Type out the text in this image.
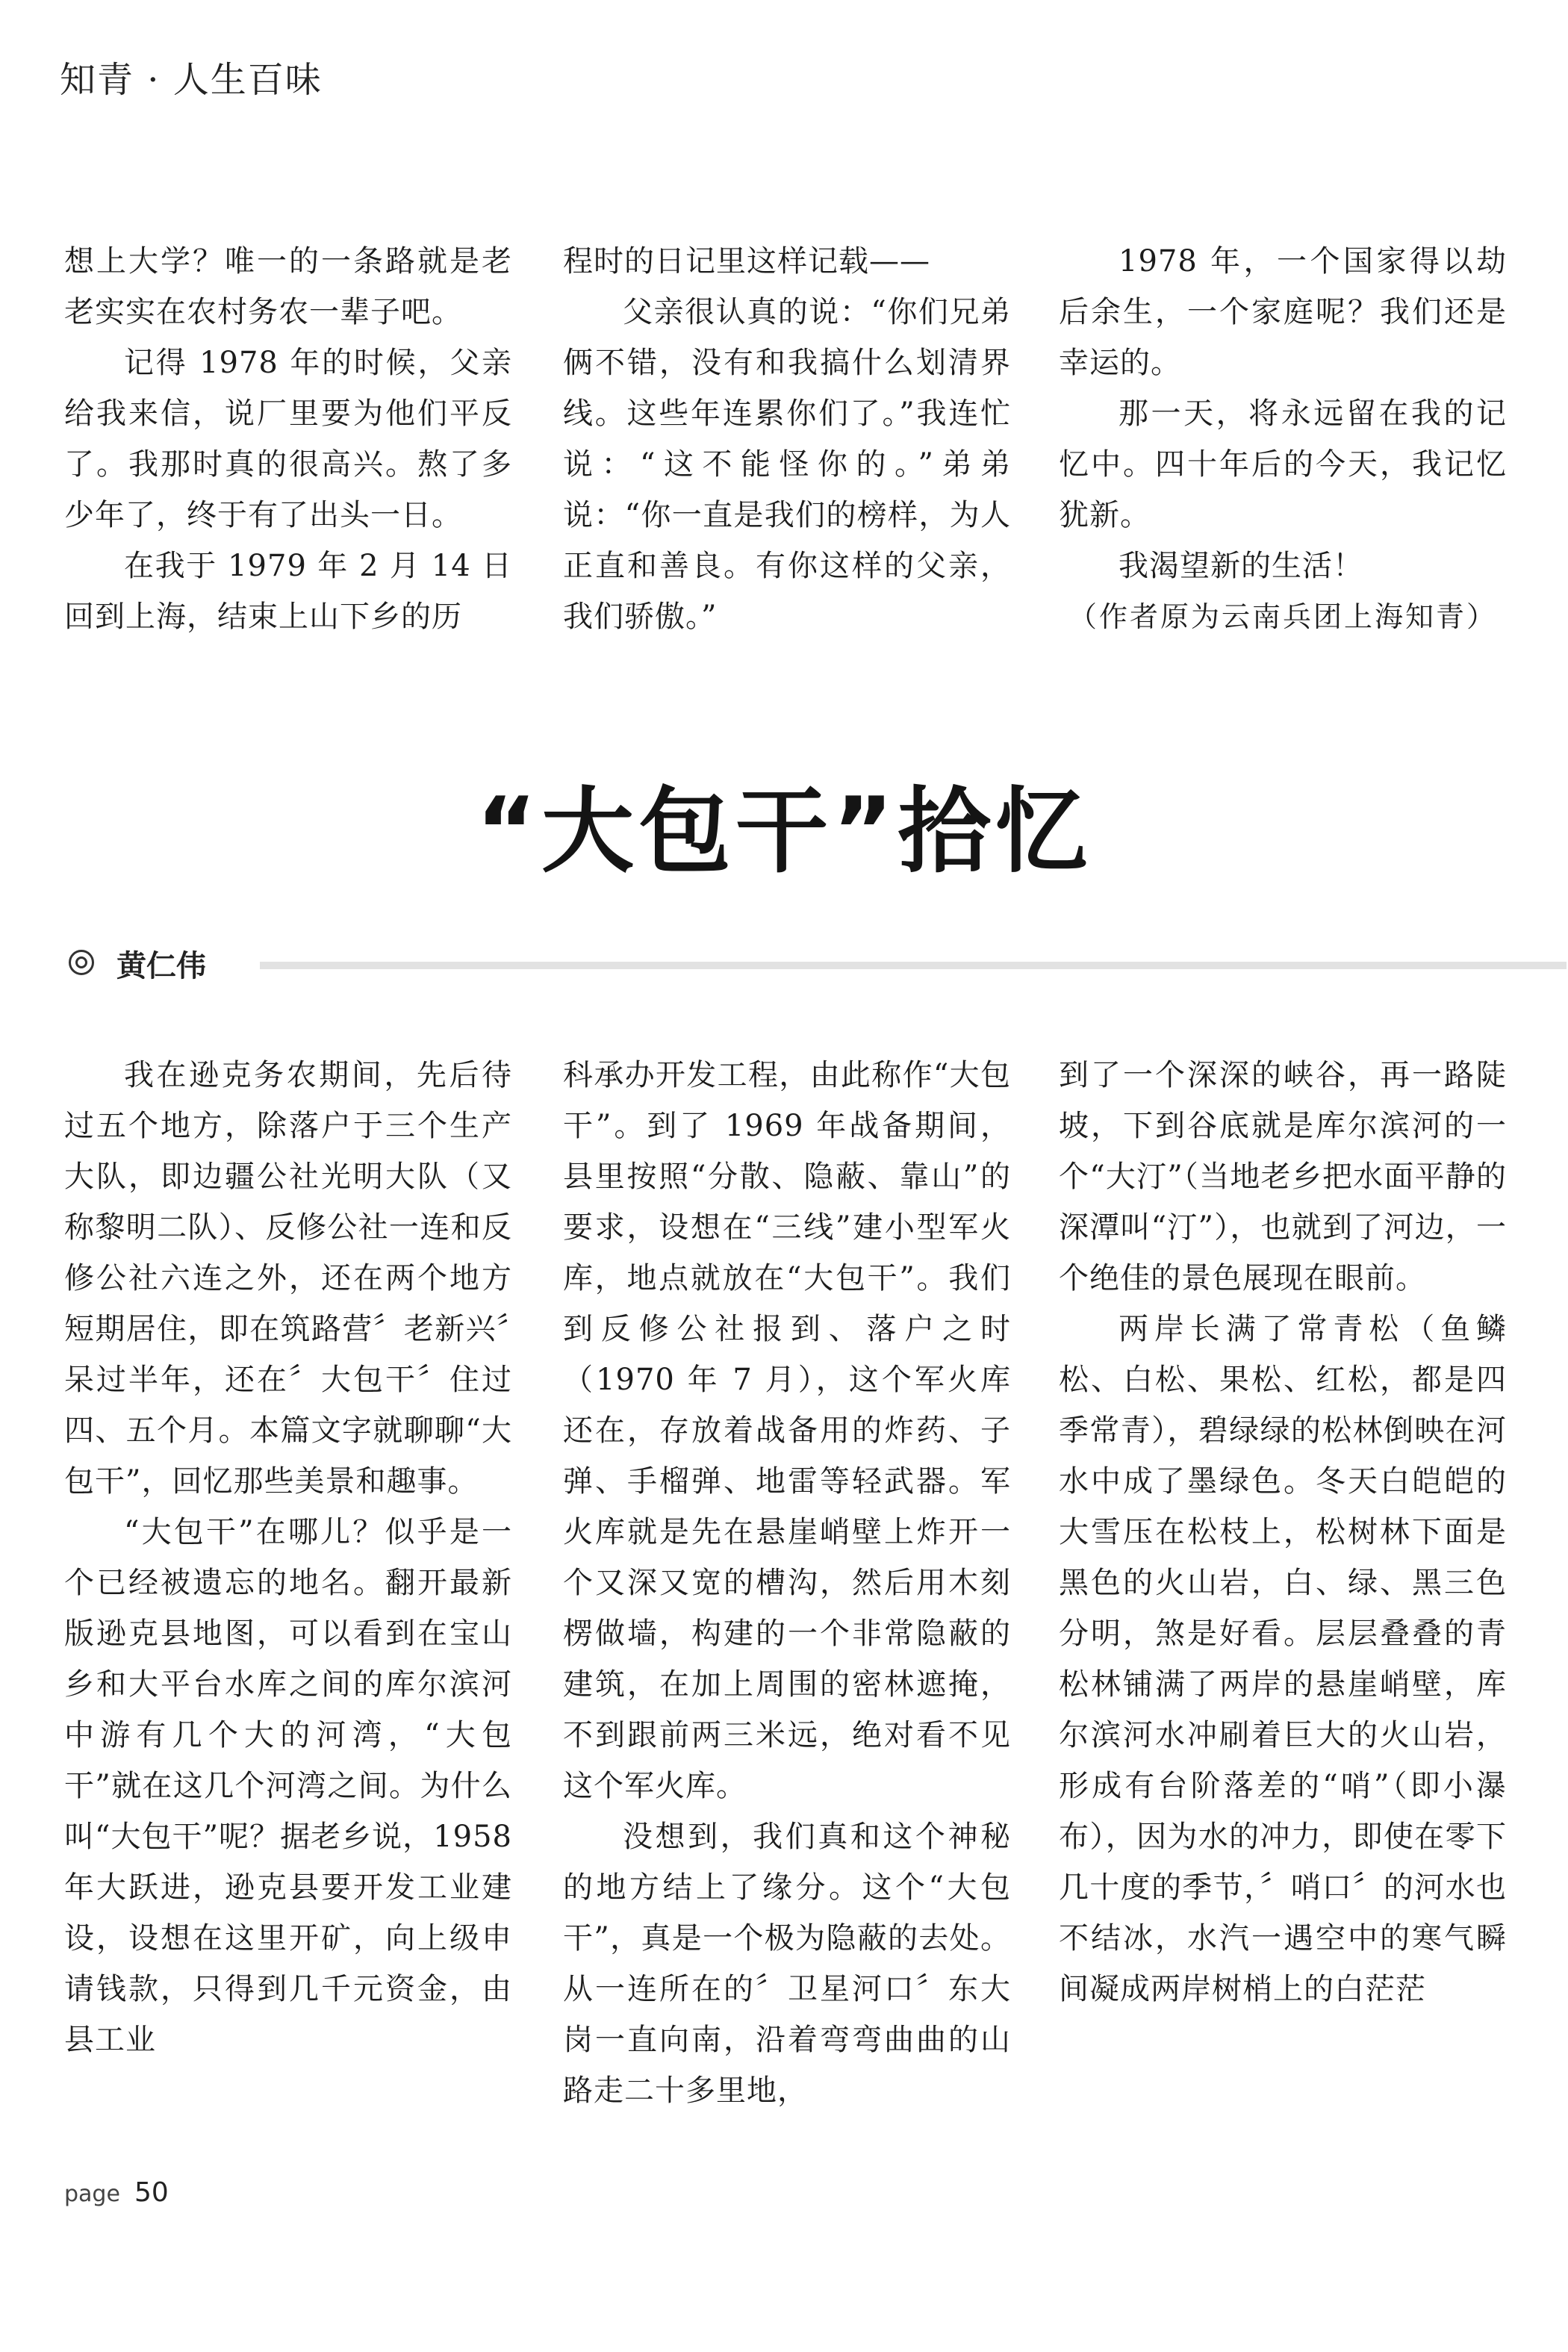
知青 · 人生百味

想上大学？唯一的一条路就是老老实实在农村务农一辈子吧。

记得 1978 年的时候，父亲给我来信，说厂里要为他们平反了。我那时真的很高兴。熬了多少年了，终于有了出头一日。

在我于 1979 年 2 月 14 日回到上海，结束上山下乡的历

程时的日记里这样记载——

父亲很认真的说：“你们兄弟俩不错，没有和我搞什么划清界线。这些年连累你们了。”我连忙说：“这不能怪你的。”弟弟说：“你一直是我们的榜样，为人正直和善良。有你这样的父亲，我们骄傲。”

1978 年，一个国家得以劫后余生，一个家庭呢？我们还是幸运的。

那一天，将永远留在我的记忆中。四十年后的今天，我记忆犹新。

我渴望新的生活！

（作者原为云南兵团上海知青）

“大包干”拾忆
黄仁伟

我在逊克务农期间，先后待过五个地方，除落户于三个生产大队，即边疆公社光明大队（又称黎明二队）、反修公社一连和反修公社六连之外，还在两个地方短期居住，即在筑路营〞老新兴〞呆过半年，还在〞大包干〞住过四、五个月。本篇文字就聊聊“大包干”，回忆那些美景和趣事。

“大包干”在哪儿？似乎是一个已经被遗忘的地名。翻开最新版逊克县地图，可以看到在宝山乡和大平台水库之间的库尔滨河中游有几个大的河湾，“大包干”就在这几个河湾之间。为什么叫“大包干”呢？据老乡说，1958 年大跃进，逊克县要开发工业建设，设想在这里开矿，向上级申请钱款，只得到几千元资金，由县工业

科承办开发工程，由此称作“大包干”。到了 1969 年战备期间，县里按照“分散、隐蔽、靠山”的要求，设想在“三线”建小型军火库，地点就放在“大包干”。我们到反修公社报到、落户之时（1970 年 7 月），这个军火库还在，存放着战备用的炸药、子弹、手榴弹、地雷等轻武器。军火库就是先在悬崖峭壁上炸开一个又深又宽的槽沟，然后用木刻楞做墙，构建的一个非常隐蔽的建筑，在加上周围的密林遮掩，不到跟前两三米远，绝对看不见这个军火库。

没想到，我们真和这个神秘的地方结上了缘分。这个“大包干”，真是一个极为隐蔽的去处。从一连所在的〞卫星河口〞东大岗一直向南，沿着弯弯曲曲的山路走二十多里地，

到了一个深深的峡谷，再一路陡坡，下到谷底就是库尔滨河的一个“大汀”（当地老乡把水面平静的深潭叫“汀”），也就到了河边，一个绝佳的景色展现在眼前。

两岸长满了常青松（鱼鳞松、白松、果松、红松，都是四季常青），碧绿绿的松林倒映在河水中成了墨绿色。冬天白皑皑的大雪压在松枝上，松树林下面是黑色的火山岩，白、绿、黑三色分明，煞是好看。层层叠叠的青松林铺满了两岸的悬崖峭壁，库尔滨河水冲刷着巨大的火山岩，形成有台阶落差的“哨”（即小瀑布），因为水的冲力，即使在零下几十度的季节，〞哨口〞的河水也不结冰，水汽一遇空中的寒气瞬间凝成两岸树梢上的白茫茫

page 50
